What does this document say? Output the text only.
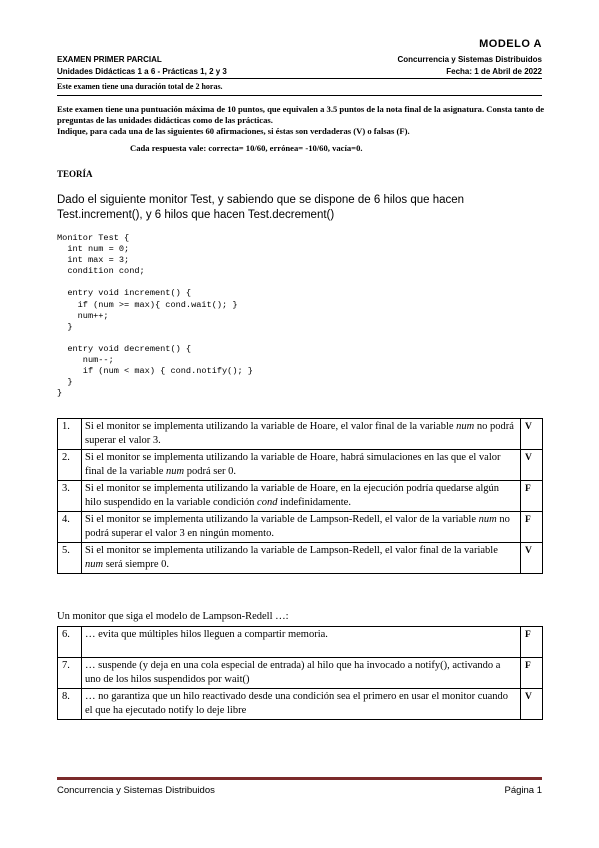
MODELO A
EXAMEN PRIMER PARCIAL	Concurrencia y Sistemas Distribuidos
Unidades Didácticas 1 a 6 - Prácticas 1, 2 y 3	Fecha: 1 de Abril de 2022
Este examen tiene una duración total de 2 horas.

Este examen tiene una puntuación máxima de 10 puntos, que equivalen a 3.5 puntos de la nota final de la asignatura. Consta tanto de preguntas de las unidades didácticas como de las prácticas.

Indique, para cada una de las siguientes 60 afirmaciones, si éstas son verdaderas (V) o falsas (F).

Cada respuesta vale: correcta= 10/60, errónea= -10/60, vacía=0.
TEORÍA
Dado el siguiente monitor Test, y sabiendo que se dispone de 6 hilos que hacen Test.increment(), y 6 hilos que hacen Test.decrement()
Monitor Test {
int num = 0;
int max = 3;
condition cond;

entry void increment() {
if (num >= max){ cond.wait(); }
num++;
}

entry void decrement() {
num--;
if (num < max) { cond.notify(); }
}
}
1.	Si el monitor se implementa utilizando la variable de Hoare, el valor final de la variable num no podrá superar el valor 3.	V
2.	Si el monitor se implementa utilizando la variable de Hoare, habrá simulaciones en las que el valor final de la variable num podrá ser 0.	V
3.	Si el monitor se implementa utilizando la variable de Hoare, en la ejecución podría quedarse algún hilo suspendido en la variable condición cond indefinidamente.	F
4.	Si el monitor se implementa utilizando la variable de Lampson-Redell, el valor de la variable num no podrá superar el valor 3 en ningún momento.	F
5.	Si el monitor se implementa utilizando la variable de Lampson-Redell, el valor final de la variable num será siempre 0.	V
Un monitor que siga el modelo de Lampson-Redell …:
6.	… evita que múltiples hilos lleguen a compartir memoria.	F
7.	… suspende (y deja en una cola especial de entrada) al hilo que ha invocado a notify(), activando a uno de los hilos suspendidos por wait()	F
8.	… no garantiza que un hilo reactivado desde una condición sea el primero en usar el monitor cuando el que ha ejecutado notify lo deje libre	V
Concurrencia y Sistemas Distribuidos	Página 1
